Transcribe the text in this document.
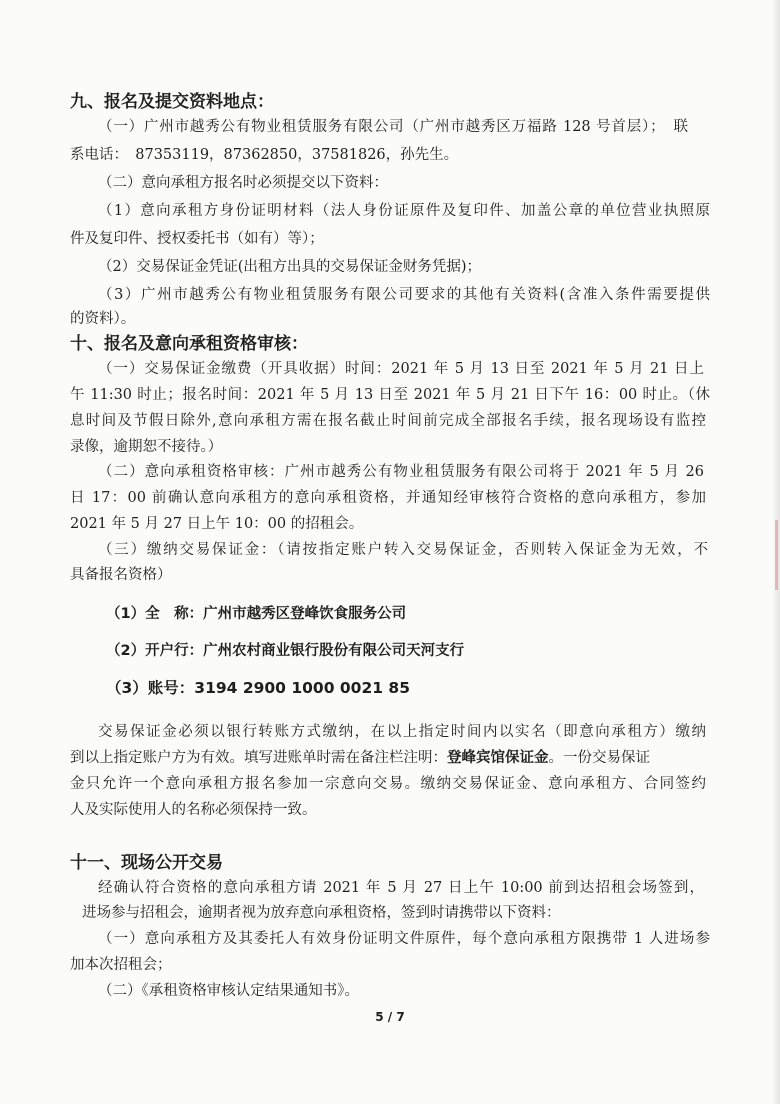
九、报名及提交资料地点：
（一）广州市越秀公有物业租赁服务有限公司（广州市越秀区万福路 128 号首层）；　联
系电话：　87353119，87362850，37581826，孙先生。
（二）意向承租方报名时必须提交以下资料：
（1）意向承租方身份证明材料（法人身份证原件及复印件、加盖公章的单位营业执照原
件及复印件、授权委托书（如有）等）；
（2）交易保证金凭证(出租方出具的交易保证金财务凭据)；
（3）广州市越秀公有物业租赁服务有限公司要求的其他有关资料(含准入条件需要提供
的资料）。
十、报名及意向承租资格审核：
（一）交易保证金缴费（开具收据）时间：2021 年 5 月 13 日至 2021 年 5 月 21 日上
午 11:30 时止；报名时间：2021 年 5 月 13 日至 2021 年 5 月 21 日下午 16：00 时止。（休
息时间及节假日除外,意向承租方需在报名截止时间前完成全部报名手续，报名现场设有监控
录像，逾期恕不接待。）
（二）意向承租资格审核：广州市越秀公有物业租赁服务有限公司将于 2021 年 5 月 26
日 17：00 前确认意向承租方的意向承租资格，并通知经审核符合资格的意向承租方，参加
2021 年 5 月 27 日上午 10：00 的招租会。
（三）缴纳交易保证金：（请按指定账户转入交易保证金，否则转入保证金为无效，不
具备报名资格）
（1）全　称：广州市越秀区登峰饮食服务公司
（2）开户行：广州农村商业银行股份有限公司天河支行
（3）账号：3194 2900 1000 0021 85
交易保证金必须以银行转账方式缴纳，在以上指定时间内以实名（即意向承租方）缴纳
到以上指定账户方为有效。填写进账单时需在备注栏注明：登峰宾馆保证金。一份交易保证
金只允许一个意向承租方报名参加一宗意向交易。缴纳交易保证金、意向承租方、合同签约
人及实际使用人的名称必须保持一致。
十一、现场公开交易
经确认符合资格的意向承租方请 2021 年 5 月 27 日上午 10:00 前到达招租会场签到，
进场参与招租会，逾期者视为放弃意向承租资格，签到时请携带以下资料：
（一）意向承租方及其委托人有效身份证明文件原件，每个意向承租方限携带 1 人进场参
加本次招租会；
（二）《承租资格审核认定结果通知书》。
5 / 7
